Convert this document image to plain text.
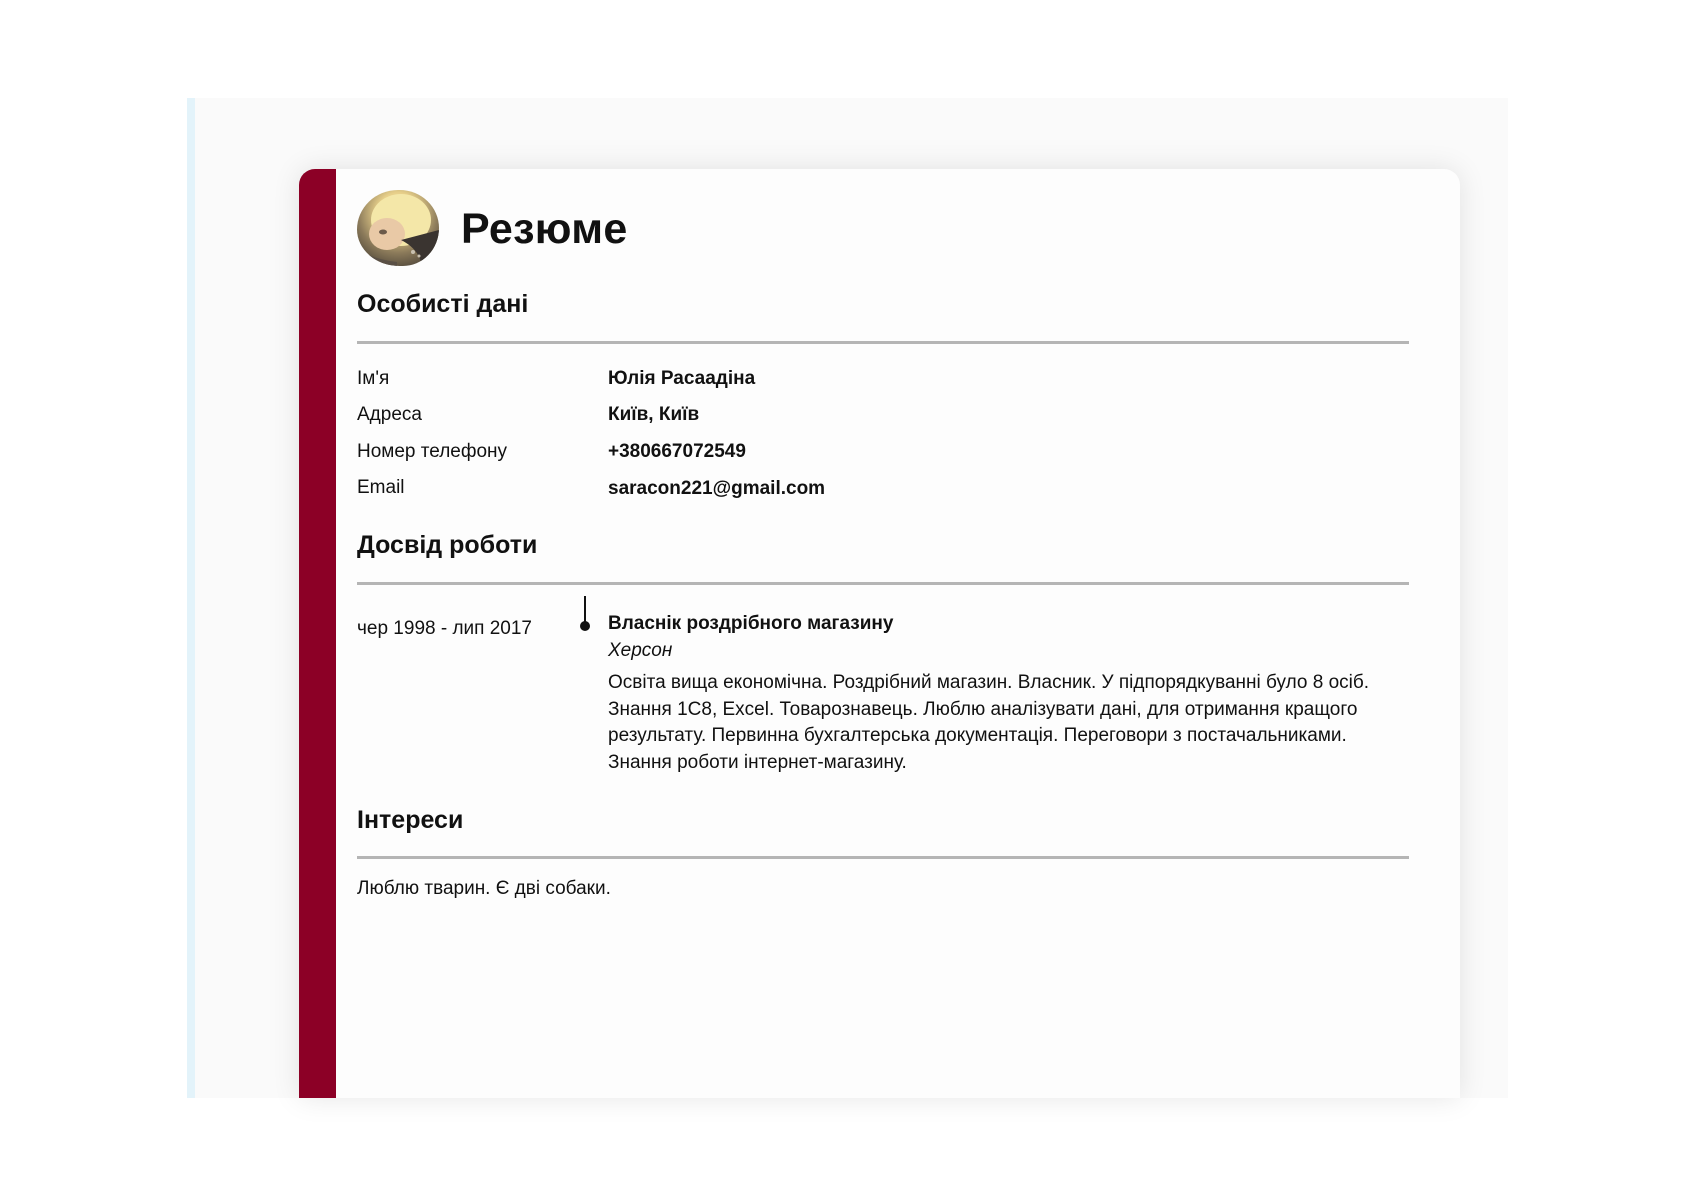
Резюме
Особисті дані
Ім'я	Юлія Расаадіна
Адреса	Київ, Київ
Номер телефону	+380667072549
Email	saracon221@gmail.com
Досвід роботи
чер 1998 - лип 2017	Власнік роздрібного магазину
Херсон
Освіта вища економічна. Роздрібний магазин. Власник. У підпорядкуванні було 8 осіб. Знання 1С8, Excel. Товарознавець. Люблю аналізувати дані, для отримання кращого результату. Первинна бухгалтерська документація. Переговори з постачальниками. Знання роботи інтернет-магазину.
Інтереси
Люблю тварин. Є дві собаки.
